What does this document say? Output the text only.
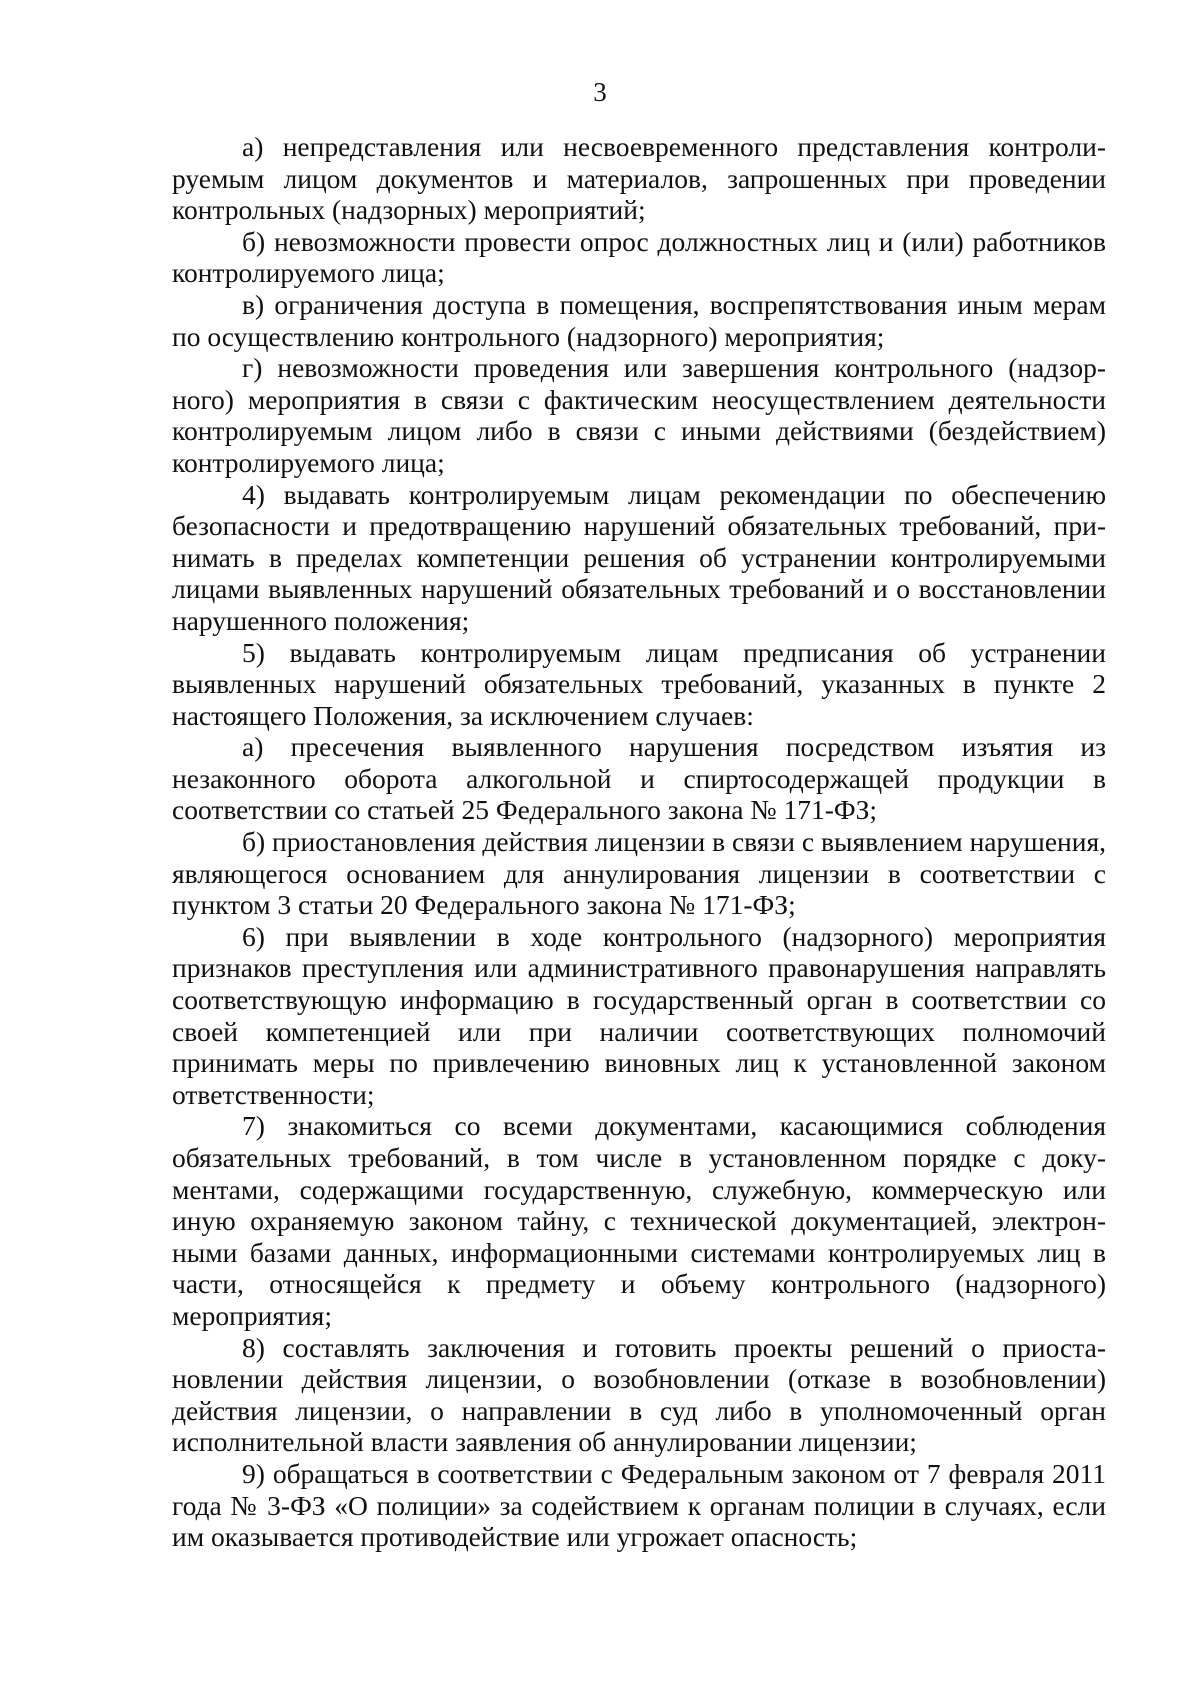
3

а) непредставления или несвоевременного представления контролируемым лицом документов и материалов, запрошенных при проведении контрольных (надзорных) мероприятий;

б) невозможности провести опрос должностных лиц и (или) работников контролируемого лица;

в) ограничения доступа в помещения, воспрепятствования иным мерам по осуществлению контрольного (надзорного) мероприятия;

г) невозможности проведения или завершения контрольного (надзорного) мероприятия в связи с фактическим неосуществлением деятельности контролируемым лицом либо в связи с иными действиями (бездействием) контролируемого лица;

4) выдавать контролируемым лицам рекомендации по обеспечению безопасности и предотвращению нарушений обязательных требований, принимать в пределах компетенции решения об устранении контролируемыми лицами выявленных нарушений обязательных требований и о восстановлении нарушенного положения;

5) выдавать контролируемым лицам предписания об устранении выявленных нарушений обязательных требований, указанных в пункте 2 настоящего Положения, за исключением случаев:

а) пресечения выявленного нарушения посредством изъятия из незаконного оборота алкогольной и спиртосодержащей продукции в соответствии со статьей 25 Федерального закона № 171-ФЗ;

б) приостановления действия лицензии в связи с выявлением нарушения, являющегося основанием для аннулирования лицензии в соответствии с пунктом 3 статьи 20 Федерального закона № 171-ФЗ;

6) при выявлении в ходе контрольного (надзорного) мероприятия признаков преступления или административного правонарушения направлять соответствующую информацию в государственный орган в соответствии со своей компетенцией или при наличии соответствующих полномочий принимать меры по привлечению виновных лиц к установленной законом ответственности;

7) знакомиться со всеми документами, касающимися соблюдения обязательных требований, в том числе в установленном порядке с документами, содержащими государственную, служебную, коммерческую или иную охраняемую законом тайну, с технической документацией, электронными базами данных, информационными системами контролируемых лиц в части, относящейся к предмету и объему контрольного (надзорного) мероприятия;

8) составлять заключения и готовить проекты решений о приостановлении действия лицензии, о возобновлении (отказе в возобновлении) действия лицензии, о направлении в суд либо в уполномоченный орган исполнительной власти заявления об аннулировании лицензии;

9) обращаться в соответствии с Федеральным законом от 7 февраля 2011 года № 3-ФЗ «О полиции» за содействием к органам полиции в случаях, если им оказывается противодействие или угрожает опасность;
